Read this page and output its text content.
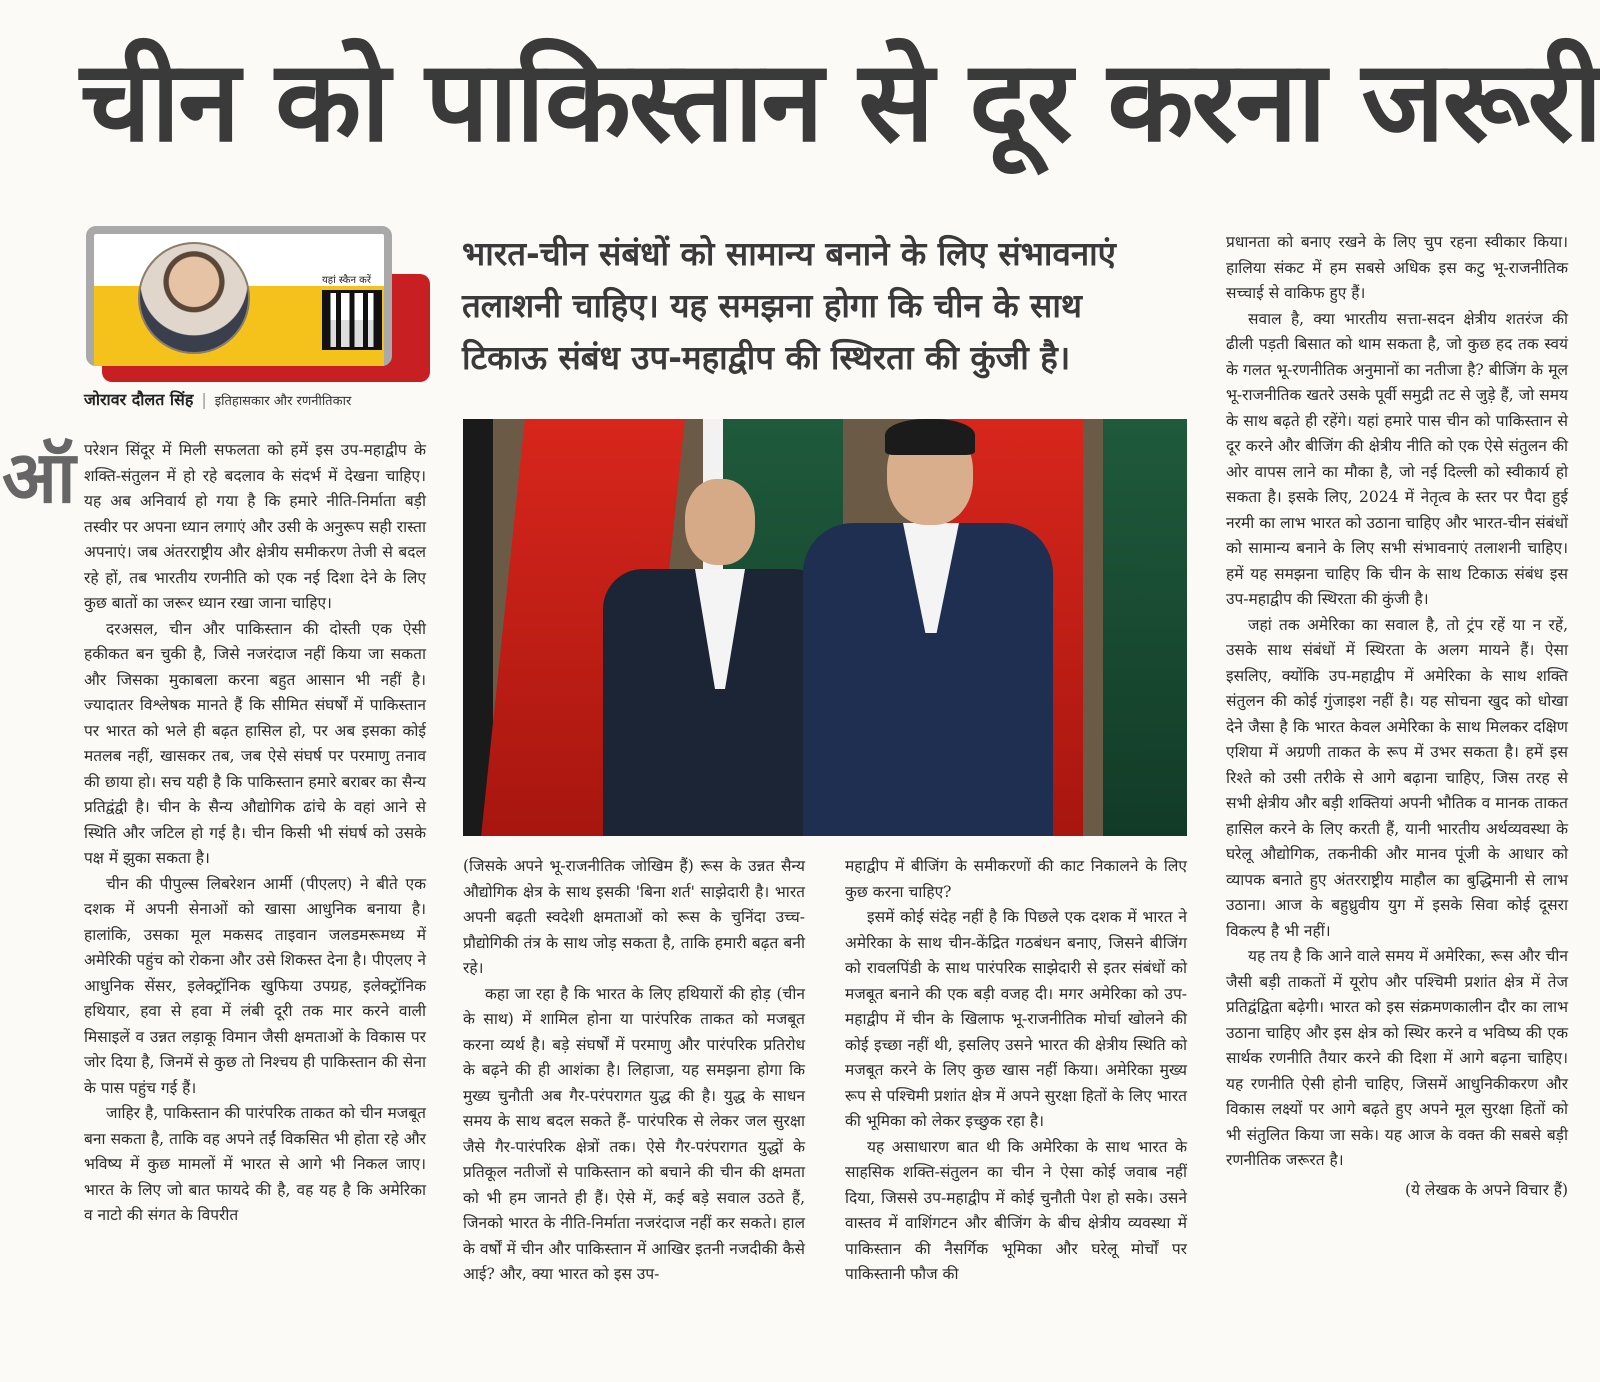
चीन को पाकिस्तान से दूर करना जरूरी
यहां स्कैन करें
जोरावर दौलत सिंह | इतिहासकार और रणनीतिकार
भारत-चीन संबंधों को सामान्य बनाने के लिए संभावनाएं
तलाशनी चाहिए। यह समझना होगा कि चीन के साथ
टिकाऊ संबंध उप-महाद्वीप की स्थिरता की कुंजी है।

ऑपरेशन सिंदूर में मिली सफलता को हमें इस उप-महाद्वीप के शक्ति-संतुलन में हो रहे बदलाव के संदर्भ में देखना चाहिए। यह अब अनिवार्य हो गया है कि हमारे नीति-निर्माता बड़ी तस्वीर पर अपना ध्यान लगाएं और उसी के अनुरूप सही रास्ता अपनाएं। जब अंतरराष्ट्रीय और क्षेत्रीय समीकरण तेजी से बदल रहे हों, तब भारतीय रणनीति को एक नई दिशा देने के लिए कुछ बातों का जरूर ध्यान रखा जाना चाहिए।

दरअसल, चीन और पाकिस्तान की दोस्ती एक ऐसी हकीकत बन चुकी है, जिसे नजरंदाज नहीं किया जा सकता और जिसका मुकाबला करना बहुत आसान भी नहीं है। ज्यादातर विश्लेषक मानते हैं कि सीमित संघर्षों में पाकिस्तान पर भारत को भले ही बढ़त हासिल हो, पर अब इसका कोई मतलब नहीं, खासकर तब, जब ऐसे संघर्ष पर परमाणु तनाव की छाया हो। सच यही है कि पाकिस्तान हमारे बराबर का सैन्य प्रतिद्वंद्वी है। चीन के सैन्य औद्योगिक ढांचे के वहां आने से स्थिति और जटिल हो गई है। चीन किसी भी संघर्ष को उसके पक्ष में झुका सकता है।

चीन की पीपुल्स लिबरेशन आर्मी (पीएलए) ने बीते एक दशक में अपनी सेनाओं को खासा आधुनिक बनाया है। हालांकि, उसका मूल मकसद ताइवान जलडमरूमध्य में अमेरिकी पहुंच को रोकना और उसे शिकस्त देना है। पीएलए ने आधुनिक सेंसर, इलेक्ट्रॉनिक खुफिया उपग्रह, इलेक्ट्रॉनिक हथियार, हवा से हवा में लंबी दूरी तक मार करने वाली मिसाइलें व उन्नत लड़ाकू विमान जैसी क्षमताओं के विकास पर जोर दिया है, जिनमें से कुछ तो निश्चय ही पाकिस्तान की सेना के पास पहुंच गई हैं।

जाहिर है, पाकिस्तान की पारंपरिक ताकत को चीन मजबूत बना सकता है, ताकि वह अपने तईं विकसित भी होता रहे और भविष्य में कुछ मामलों में भारत से आगे भी निकल जाए। भारत के लिए जो बात फायदे की है, वह यह है कि अमेरिका व नाटो की संगत के विपरीत

(जिसके अपने भू-राजनीतिक जोखिम हैं) रूस के उन्नत सैन्य औद्योगिक क्षेत्र के साथ इसकी 'बिना शर्त' साझेदारी है। भारत अपनी बढ़ती स्वदेशी क्षमताओं को रूस के चुनिंदा उच्च-प्रौद्योगिकी तंत्र के साथ जोड़ सकता है, ताकि हमारी बढ़त बनी रहे।

कहा जा रहा है कि भारत के लिए हथियारों की होड़ (चीन के साथ) में शामिल होना या पारंपरिक ताकत को मजबूत करना व्यर्थ है। बड़े संघर्षों में परमाणु और पारंपरिक प्रतिरोध के बढ़ने की ही आशंका है। लिहाजा, यह समझना होगा कि मुख्य चुनौती अब गैर-परंपरागत युद्ध की है। युद्ध के साधन समय के साथ बदल सकते हैं- पारंपरिक से लेकर जल सुरक्षा जैसे गैर-पारंपरिक क्षेत्रों तक। ऐसे गैर-परंपरागत युद्धों के प्रतिकूल नतीजों से पाकिस्तान को बचाने की चीन की क्षमता को भी हम जानते ही हैं। ऐसे में, कई बड़े सवाल उठते हैं, जिनको भारत के नीति-निर्माता नजरंदाज नहीं कर सकते। हाल के वर्षों में चीन और पाकिस्तान में आखिर इतनी नजदीकी कैसे आई? और, क्या भारत को इस उप-

महाद्वीप में बीजिंग के समीकरणों की काट निकालने के लिए कुछ करना चाहिए?

इसमें कोई संदेह नहीं है कि पिछले एक दशक में भारत ने अमेरिका के साथ चीन-केंद्रित गठबंधन बनाए, जिसने बीजिंग को रावलपिंडी के साथ पारंपरिक साझेदारी से इतर संबंधों को मजबूत बनाने की एक बड़ी वजह दी। मगर अमेरिका को उप-महाद्वीप में चीन के खिलाफ भू-राजनीतिक मोर्चा खोलने की कोई इच्छा नहीं थी, इसलिए उसने भारत की क्षेत्रीय स्थिति को मजबूत करने के लिए कुछ खास नहीं किया। अमेरिका मुख्य रूप से पश्चिमी प्रशांत क्षेत्र में अपने सुरक्षा हितों के लिए भारत की भूमिका को लेकर इच्छुक रहा है।

यह असाधारण बात थी कि अमेरिका के साथ भारत के साहसिक शक्ति-संतुलन का चीन ने ऐसा कोई जवाब नहीं दिया, जिससे उप-महाद्वीप में कोई चुनौती पेश हो सके। उसने वास्तव में वाशिंगटन और बीजिंग के बीच क्षेत्रीय व्यवस्था में पाकिस्तान की नैसर्गिक भूमिका और घरेलू मोर्चों पर पाकिस्तानी फौज की

प्रधानता को बनाए रखने के लिए चुप रहना स्वीकार किया। हालिया संकट में हम सबसे अधिक इस कटु भू-राजनीतिक सच्चाई से वाकिफ हुए हैं।

सवाल है, क्या भारतीय सत्ता-सदन क्षेत्रीय शतरंज की ढीली पड़ती बिसात को थाम सकता है, जो कुछ हद तक स्वयं के गलत भू-रणनीतिक अनुमानों का नतीजा है? बीजिंग के मूल भू-राजनीतिक खतरे उसके पूर्वी समुद्री तट से जुड़े हैं, जो समय के साथ बढ़ते ही रहेंगे। यहां हमारे पास चीन को पाकिस्तान से दूर करने और बीजिंग की क्षेत्रीय नीति को एक ऐसे संतुलन की ओर वापस लाने का मौका है, जो नई दिल्ली को स्वीकार्य हो सकता है। इसके लिए, 2024 में नेतृत्व के स्तर पर पैदा हुई नरमी का लाभ भारत को उठाना चाहिए और भारत-चीन संबंधों को सामान्य बनाने के लिए सभी संभावनाएं तलाशनी चाहिए। हमें यह समझना चाहिए कि चीन के साथ टिकाऊ संबंध इस उप-महाद्वीप की स्थिरता की कुंजी है।

जहां तक अमेरिका का सवाल है, तो ट्रंप रहें या न रहें, उसके साथ संबंधों में स्थिरता के अलग मायने हैं। ऐसा इसलिए, क्योंकि उप-महाद्वीप में अमेरिका के साथ शक्ति संतुलन की कोई गुंजाइश नहीं है। यह सोचना खुद को धोखा देने जैसा है कि भारत केवल अमेरिका के साथ मिलकर दक्षिण एशिया में अग्रणी ताकत के रूप में उभर सकता है। हमें इस रिश्ते को उसी तरीके से आगे बढ़ाना चाहिए, जिस तरह से सभी क्षेत्रीय और बड़ी शक्तियां अपनी भौतिक व मानक ताकत हासिल करने के लिए करती हैं, यानी भारतीय अर्थव्यवस्था के घरेलू औद्योगिक, तकनीकी और मानव पूंजी के आधार को व्यापक बनाते हुए अंतरराष्ट्रीय माहौल का बुद्धिमानी से लाभ उठाना। आज के बहुध्रुवीय युग में इसके सिवा कोई दूसरा विकल्प है भी नहीं।

यह तय है कि आने वाले समय में अमेरिका, रूस और चीन जैसी बड़ी ताकतों में यूरोप और पश्चिमी प्रशांत क्षेत्र में तेज प्रतिद्वंद्विता बढ़ेगी। भारत को इस संक्रमणकालीन दौर का लाभ उठाना चाहिए और इस क्षेत्र को स्थिर करने व भविष्य की एक सार्थक रणनीति तैयार करने की दिशा में आगे बढ़ना चाहिए। यह रणनीति ऐसी होनी चाहिए, जिसमें आधुनिकीकरण और विकास लक्ष्यों पर आगे बढ़ते हुए अपने मूल सुरक्षा हितों को भी संतुलित किया जा सके। यह आज के वक्त की सबसे बड़ी रणनीतिक जरूरत है।

(ये लेखक के अपने विचार हैं)
